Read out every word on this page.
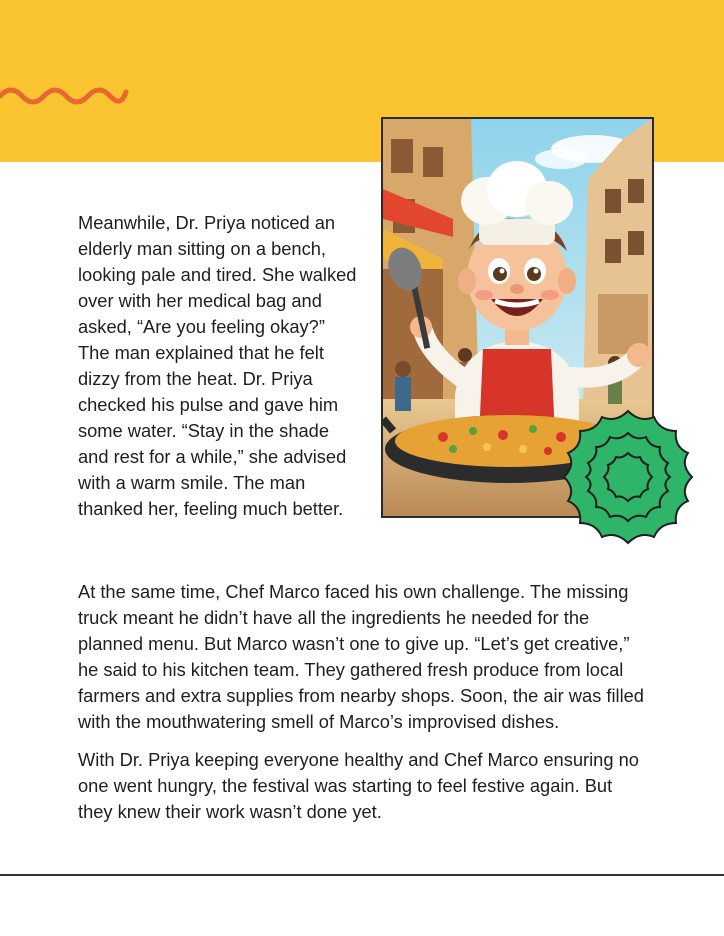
Meanwhile, Dr. Priya noticed an elderly man sitting on a bench, looking pale and tired. She walked over with her medical bag and asked, “Are you feeling okay?” The man explained that he felt dizzy from the heat. Dr. Priya checked his pulse and gave him some water. “Stay in the shade and rest for a while,” she advised with a warm smile. The man thanked her, feeling much better.

At the same time, Chef Marco faced his own challenge. The missing truck meant he didn’t have all the ingredients he needed for the planned menu. But Marco wasn’t one to give up. “Let’s get creative,” he said to his kitchen team. They gathered fresh produce from local farmers and extra supplies from nearby shops. Soon, the air was filled with the mouthwatering smell of Marco’s improvised dishes.

With Dr. Priya keeping everyone healthy and Chef Marco ensuring no one went hungry, the festival was starting to feel festive again. But they knew their work wasn’t done yet.
